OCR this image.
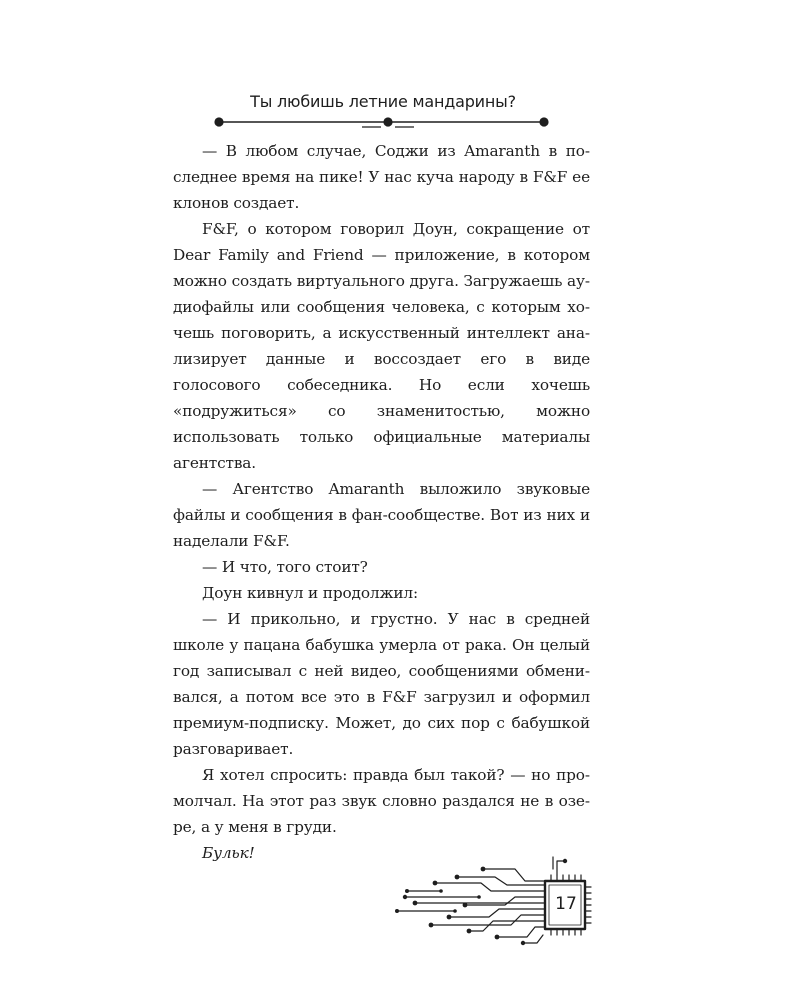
Ты любишь летние мандарины?

— В любом случае, Соджи из Amaranth в последнее время на пике! У нас куча народу в F&F ее клонов создает.

F&F, о котором говорил Доун, сокращение от Dear Family and Friend — приложение, в котором можно создать виртуального друга. Загружаешь аудиофайлы или сообщения человека, с которым хочешь поговорить, а искусственный интеллект анализирует данные и воссоздает его в виде голосового собеседника. Но если хочешь «подружиться» со знаменитостью, можно использовать только официальные материалы агентства.

— Агентство Amaranth выложило звуковые файлы и сообщения в фан-сообществе. Вот из них и наделали F&F.

— И что, того стоит?

Доун кивнул и продолжил:

— И прикольно, и грустно. У нас в средней школе у пацана бабушка умерла от рака. Он целый год записывал с ней видео, сообщениями обменивался, а потом все это в F&F загрузил и оформил премиум-подписку. Может, до сих пор с бабушкой разговаривает.

Я хотел спросить: правда был такой? — но промолчал. На этот раз звук словно раздался не в озере, а у меня в груди.

Бульк!

17
